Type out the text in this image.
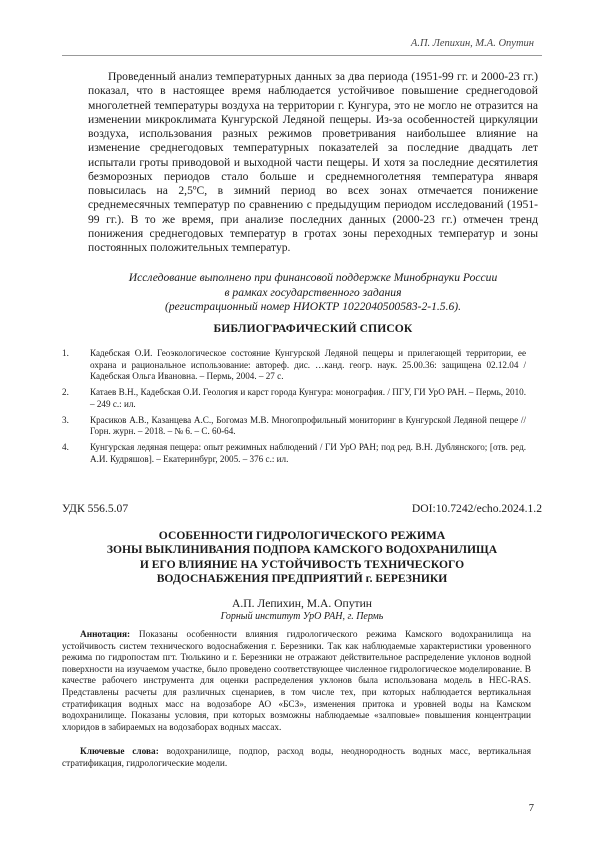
А.П. Лепихин, М.А. Опутин

Проведенный анализ температурных данных за два периода (1951-99 гг. и 2000-23 гг.) показал, что в настоящее время наблюдается устойчивое повышение среднегодовой многолетней температуры воздуха на территории г. Кунгура, это не могло не отразится на изменении микроклимата Кунгурской Ледяной пещеры. Из-за особенностей циркуляции воздуха, использования разных режимов проветривания наибольшее влияние на изменение среднегодовых температурных показателей за последние двадцать лет испытали гроты приводовой и выходной части пещеры. И хотя за последние десятилетия безморозных периодов стало больше и среднемноголетняя температура января повысилась на 2,5ºС, в зимний период во всех зонах отмечается понижение среднемесячных температур по сравнению с предыдущим периодом исследований (1951-99 гг.). В то же время, при анализе последних данных (2000-23 гг.) отмечен тренд понижения среднегодовых температур в гротах зоны переходных температур и зоны постоянных положительных температур.

Исследование выполнено при финансовой поддержке Минобрнауки России
в рамках государственного задания
(регистрационный номер НИОКТР 1022040500583-2-1.5.6).
БИБЛИОГРАФИЧЕСКИЙ СПИСОК
1. Кадебская О.И. Геоэкологическое состояние Кунгурской Ледяной пещеры и прилегающей территории, ее охрана и рациональное использование: автореф. дис. …канд. геогр. наук. 25.00.36: защищена 02.12.04 / Кадебская Ольга Ивановна. – Пермь, 2004. – 27 с.
2. Катаев В.Н., Кадебская О.И. Геология и карст города Кунгура: монография. / ПГУ, ГИ УрО РАН. – Пермь, 2010. – 249 с.: ил.
3. Красиков А.В., Казанцева А.С., Богомаз М.В. Многопрофильный мониторинг в Кунгурской Ледяной пещере // Горн. журн. – 2018. – № 6. – С. 60-64.
4. Кунгурская ледяная пещера: опыт режимных наблюдений / ГИ УрО РАН; под ред. В.Н. Дублянского; [отв. ред. А.И. Кудряшов]. – Екатеринбург, 2005. – 376 с.: ил.
УДК 556.5.07	DOI:10.7242/echo.2024.1.2
ОСОБЕННОСТИ ГИДРОЛОГИЧЕСКОГО РЕЖИМА
ЗОНЫ ВЫКЛИНИВАНИЯ ПОДПОРА КАМСКОГО ВОДОХРАНИЛИЩА
И ЕГО ВЛИЯНИЕ НА УСТОЙЧИВОСТЬ ТЕХНИЧЕСКОГО
ВОДОСНАБЖЕНИЯ ПРЕДПРИЯТИЙ г. БЕРЕЗНИКИ
А.П. Лепихин, М.А. Опутин
Горный институт УрО РАН, г. Пермь

Аннотация: Показаны особенности влияния гидрологического режима Камского водохранилища на устойчивость систем технического водоснабжения г. Березники. Так как наблюдаемые характеристики уровенного режима по гидропостам пгт. Тюлькино и г. Березники не отражают действительное распределение уклонов водной поверхности на изучаемом участке, было проведено соответствующее численное гидрологическое моделирование. В качестве рабочего инструмента для оценки распределения уклонов была использована модель в HEC-RAS. Представлены расчеты для различных сценариев, в том числе тех, при которых наблюдается вертикальная стратификация водных масс на водозаборе АО «БСЗ», изменения притока и уровней воды на Камском водохранилище. Показаны условия, при которых возможны наблюдаемые «залповые» повышения концентрации хлоридов в забираемых на водозаборах водных массах.

Ключевые слова: водохранилище, подпор, расход воды, неоднородность водных масс, вертикальная стратификация, гидрологические модели.

7
